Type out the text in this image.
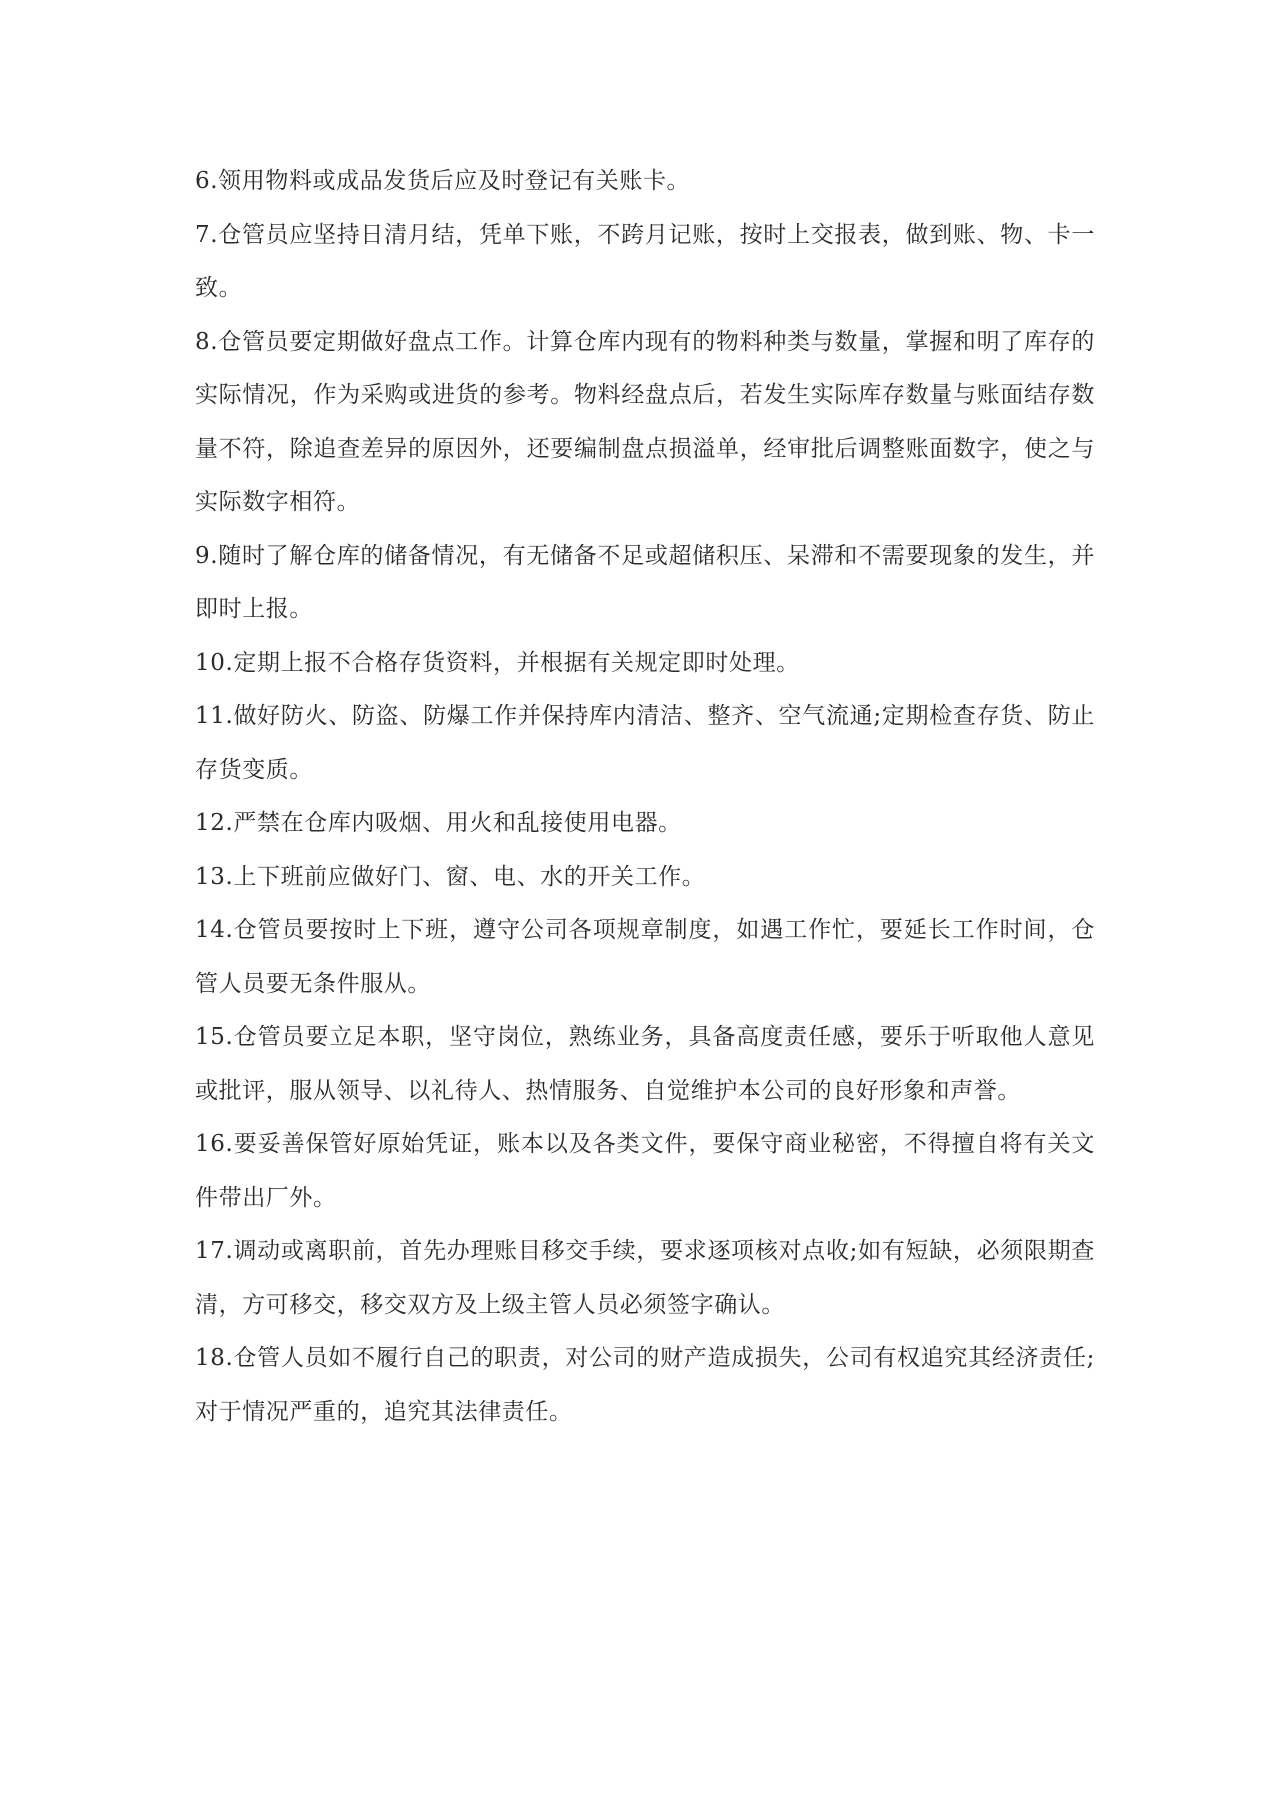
6.领用物料或成品发货后应及时登记有关账卡。

7.仓管员应坚持日清月结，凭单下账，不跨月记账，按时上交报表，做到账、物、卡一致。

8.仓管员要定期做好盘点工作。计算仓库内现有的物料种类与数量，掌握和明了库存的实际情况，作为采购或进货的参考。物料经盘点后，若发生实际库存数量与账面结存数量不符，除追查差异的原因外，还要编制盘点损溢单，经审批后调整账面数字，使之与实际数字相符。

9.随时了解仓库的储备情况，有无储备不足或超储积压、呆滞和不需要现象的发生，并即时上报。

10.定期上报不合格存货资料，并根据有关规定即时处理。

11.做好防火、防盗、防爆工作并保持库内清洁、整齐、空气流通;定期检查存货、防止存货变质。

12.严禁在仓库内吸烟、用火和乱接使用电器。

13.上下班前应做好门、窗、电、水的开关工作。

14.仓管员要按时上下班，遵守公司各项规章制度，如遇工作忙，要延长工作时间，仓管人员要无条件服从。

15.仓管员要立足本职，坚守岗位，熟练业务，具备高度责任感，要乐于听取他人意见或批评，服从领导、以礼待人、热情服务、自觉维护本公司的良好形象和声誉。

16.要妥善保管好原始凭证，账本以及各类文件，要保守商业秘密，不得擅自将有关文件带出厂外。

17.调动或离职前，首先办理账目移交手续，要求逐项核对点收;如有短缺，必须限期查清，方可移交，移交双方及上级主管人员必须签字确认。

18.仓管人员如不履行自己的职责，对公司的财产造成损失，公司有权追究其经济责任;对于情况严重的，追究其法律责任。
